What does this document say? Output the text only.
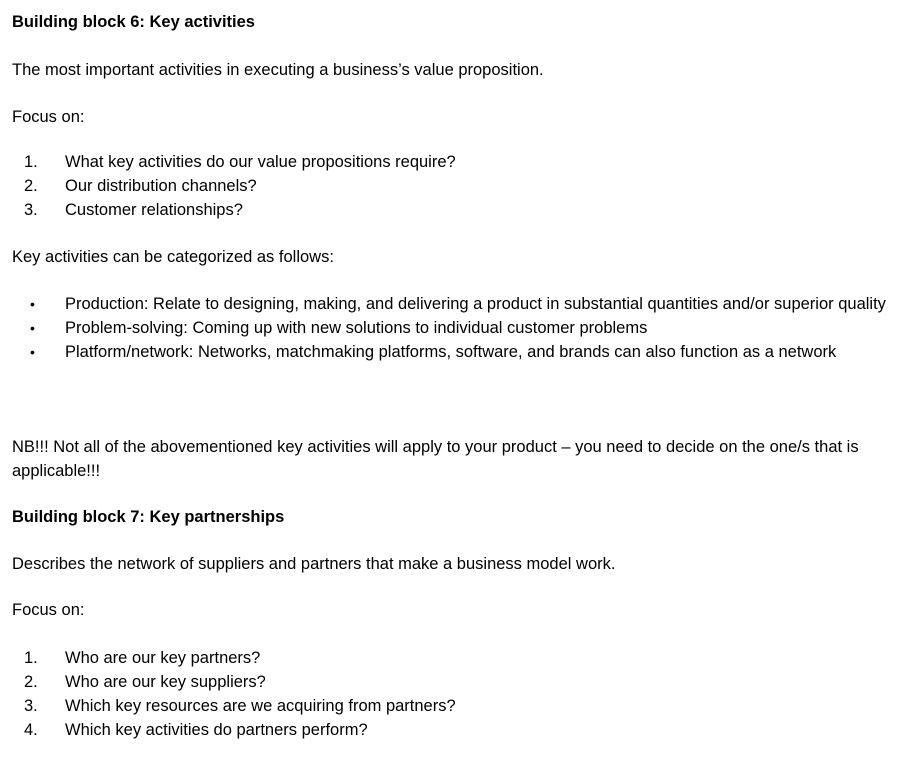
Building block 6: Key activities
The most important activities in executing a business’s value proposition.
Focus on:
1. What key activities do our value propositions require?
2. Our distribution channels?
3. Customer relationships?
Key activities can be categorized as follows:
• Production: Relate to designing, making, and delivering a product in substantial quantities and/or superior quality
• Problem-solving: Coming up with new solutions to individual customer problems
• Platform/network: Networks, matchmaking platforms, software, and brands can also function as a network
NB!!! Not all of the abovementioned key activities will apply to your product – you need to decide on the one/s that is applicable!!!
Building block 7: Key partnerships
Describes the network of suppliers and partners that make a business model work.
Focus on:
1. Who are our key partners?
2. Who are our key suppliers?
3. Which key resources are we acquiring from partners?
4. Which key activities do partners perform?
